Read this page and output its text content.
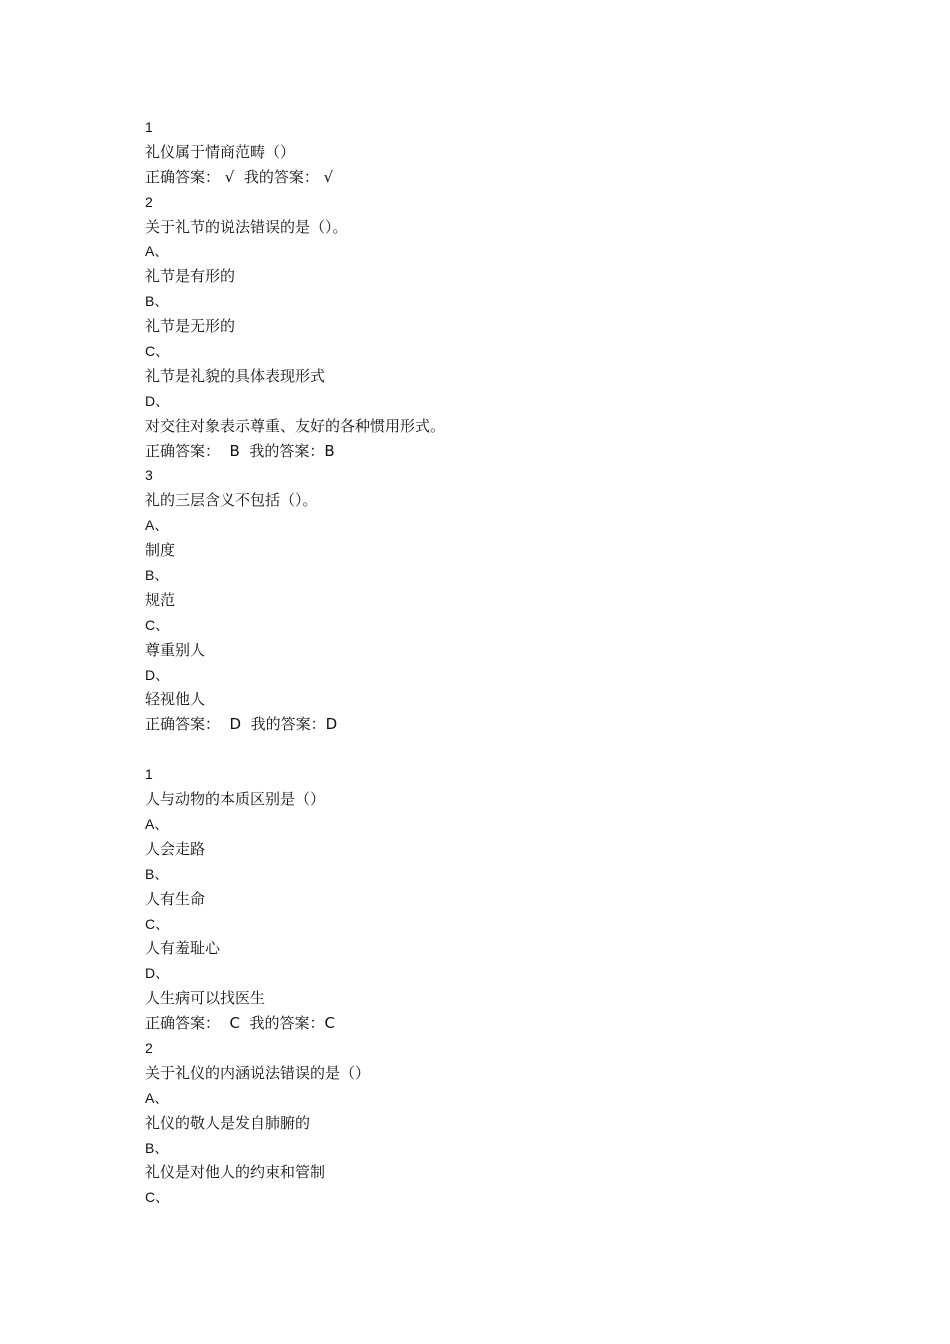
1
礼仪属于情商范畴（）
正确答案： √  我的答案： √
2
关于礼节的说法错误的是（）。
A、
礼节是有形的
B、
礼节是无形的
C、
礼节是礼貌的具体表现形式
D、
对交往对象表示尊重、友好的各种惯用形式。
正确答案：  B  我的答案：B
3
礼的三层含义不包括（）。
A、
制度
B、
规范
C、
尊重别人
D、
轻视他人
正确答案：  D  我的答案：D
1
人与动物的本质区别是（）
A、
人会走路
B、
人有生命
C、
人有羞耻心
D、
人生病可以找医生
正确答案：  C  我的答案：C
2
关于礼仪的内涵说法错误的是（）
A、
礼仪的敬人是发自肺腑的
B、
礼仪是对他人的约束和管制
C、
